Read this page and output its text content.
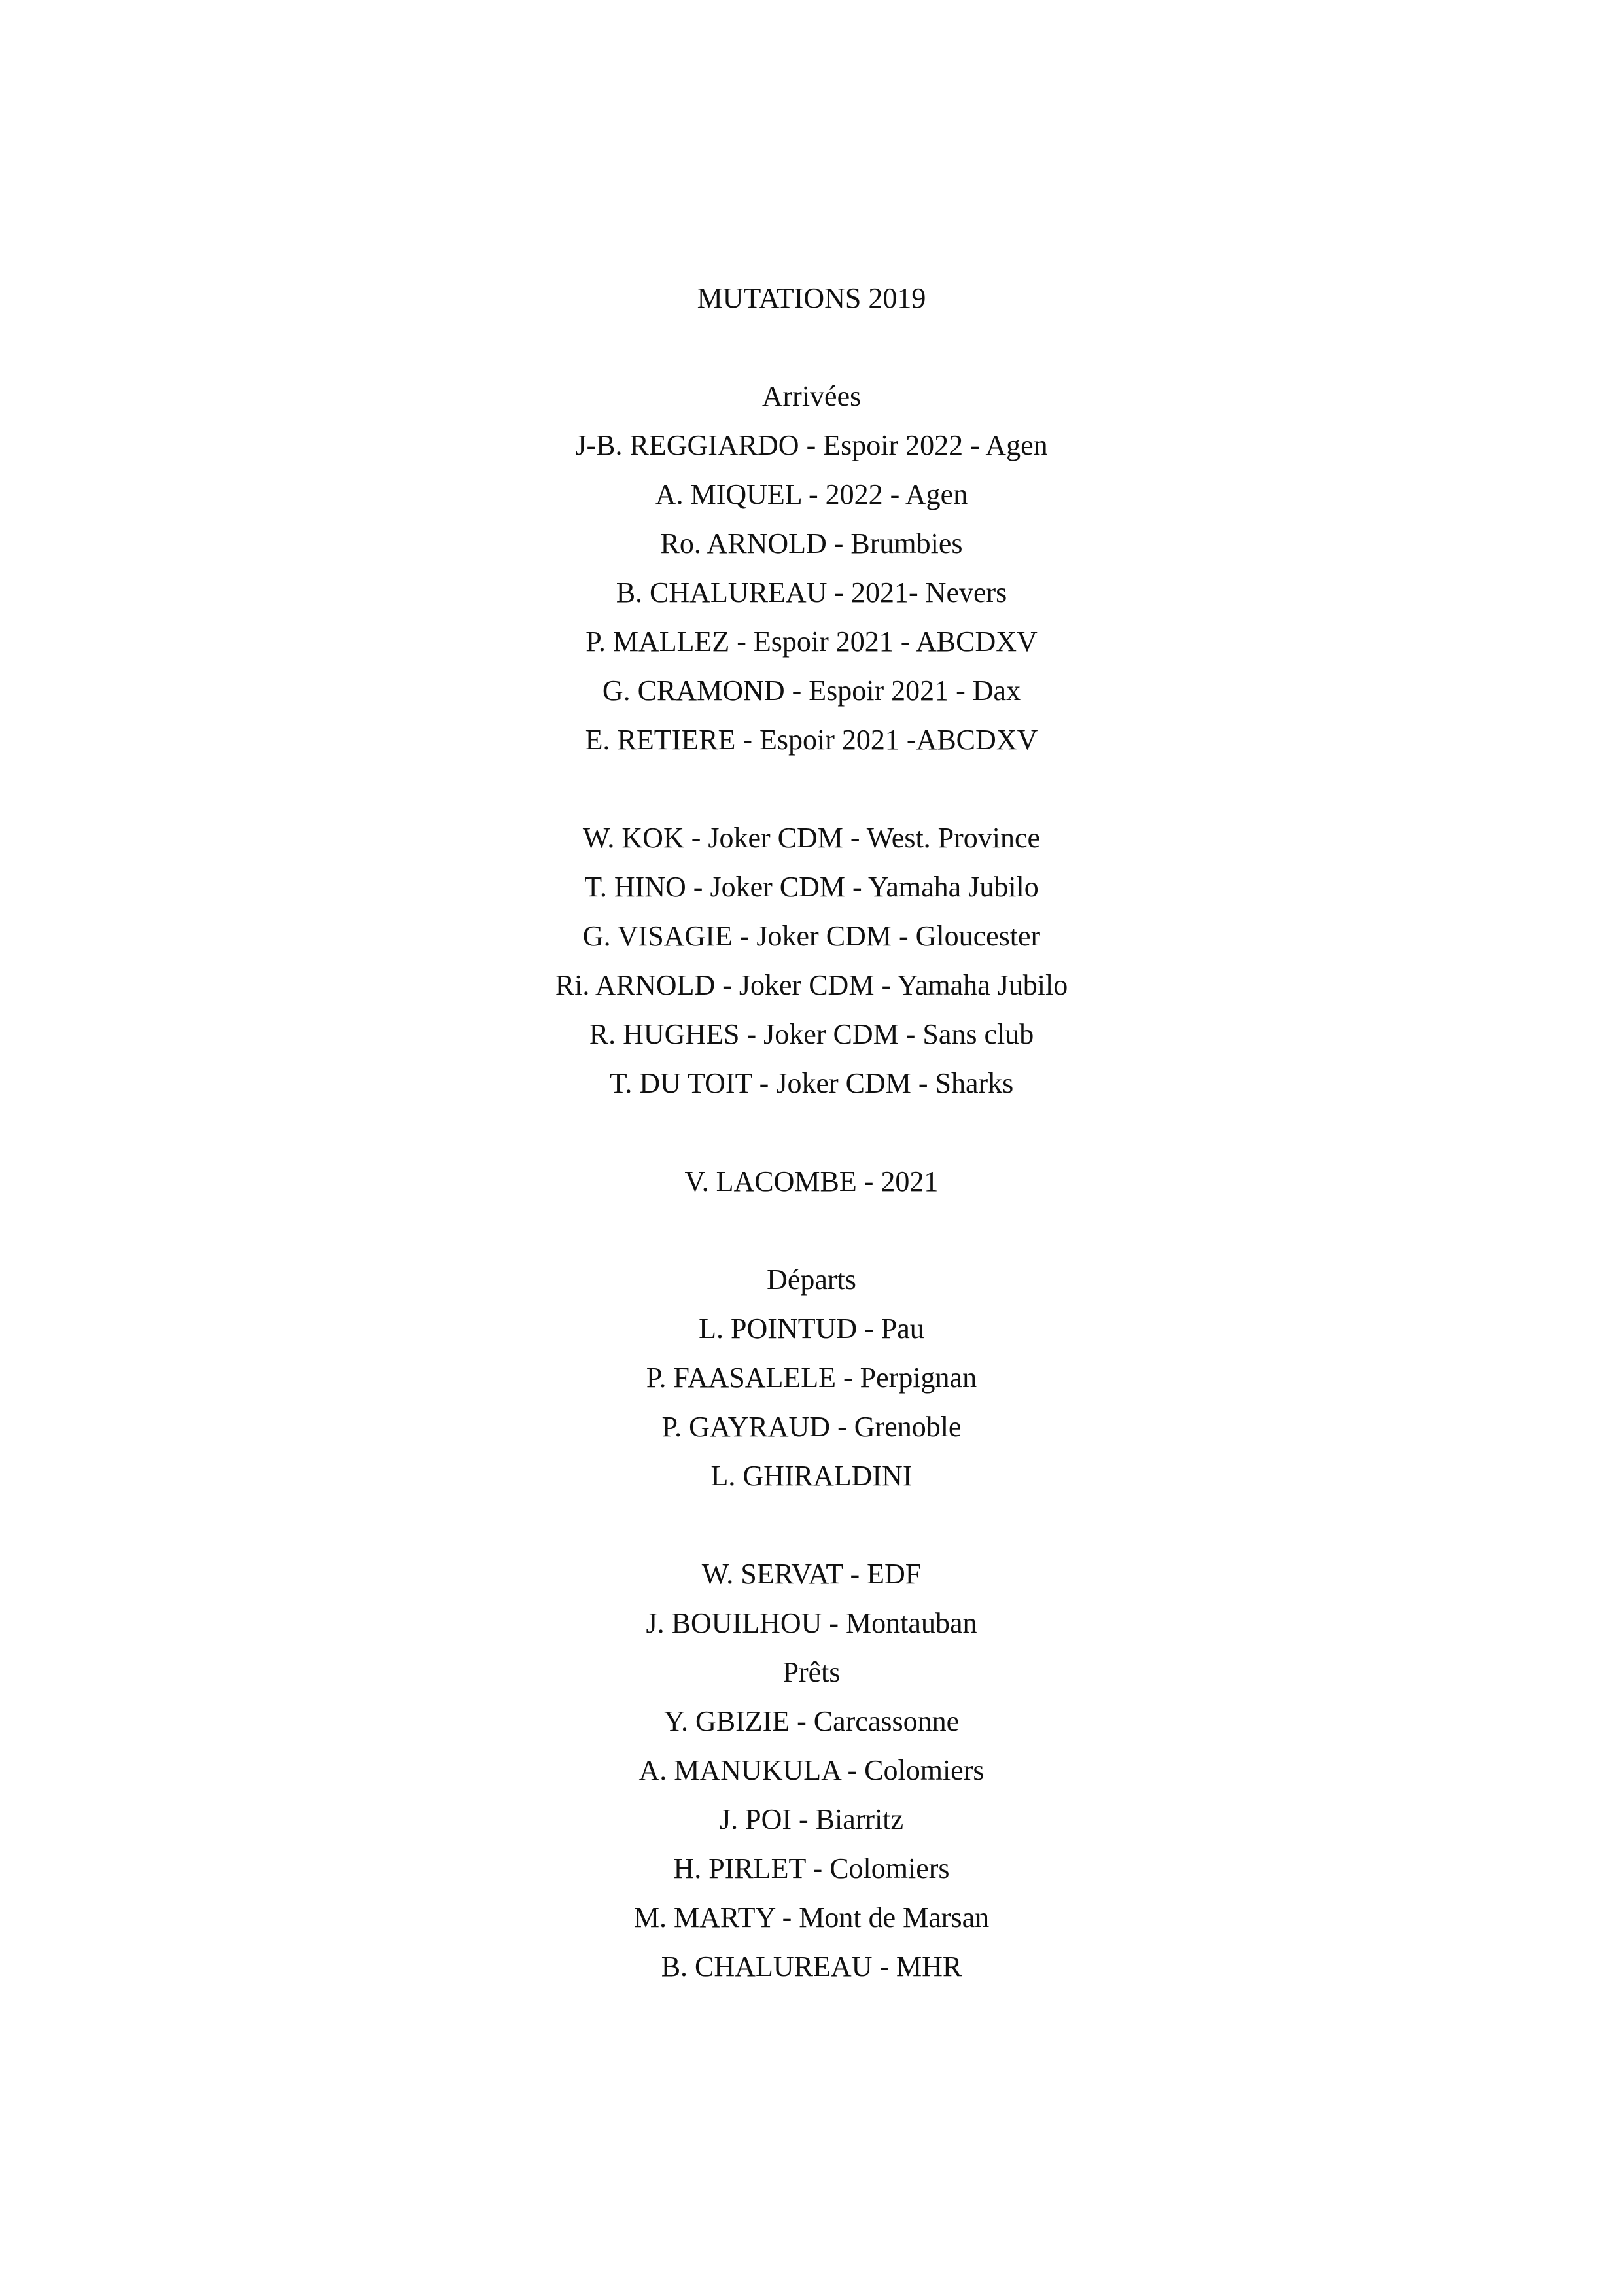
MUTATIONS 2019

Arrivées

J-B. REGGIARDO - Espoir 2022 - Agen

A. MIQUEL - 2022 - Agen

Ro. ARNOLD - Brumbies

B. CHALUREAU - 2021- Nevers

P. MALLEZ - Espoir 2021 - ABCDXV

G. CRAMOND - Espoir 2021 - Dax

E. RETIERE - Espoir 2021 -ABCDXV

W. KOK - Joker CDM - West. Province

T. HINO - Joker CDM - Yamaha Jubilo

G. VISAGIE - Joker CDM - Gloucester

Ri. ARNOLD - Joker CDM - Yamaha Jubilo

R. HUGHES - Joker CDM - Sans club

T. DU TOIT - Joker CDM - Sharks

V. LACOMBE - 2021

Départs

L. POINTUD - Pau

P. FAASALELE - Perpignan

P. GAYRAUD - Grenoble

L. GHIRALDINI

W. SERVAT - EDF

J. BOUILHOU - Montauban

Prêts

Y. GBIZIE - Carcassonne

A. MANUKULA - Colomiers

J. POI - Biarritz

H. PIRLET - Colomiers

M. MARTY - Mont de Marsan

B. CHALUREAU - MHR
